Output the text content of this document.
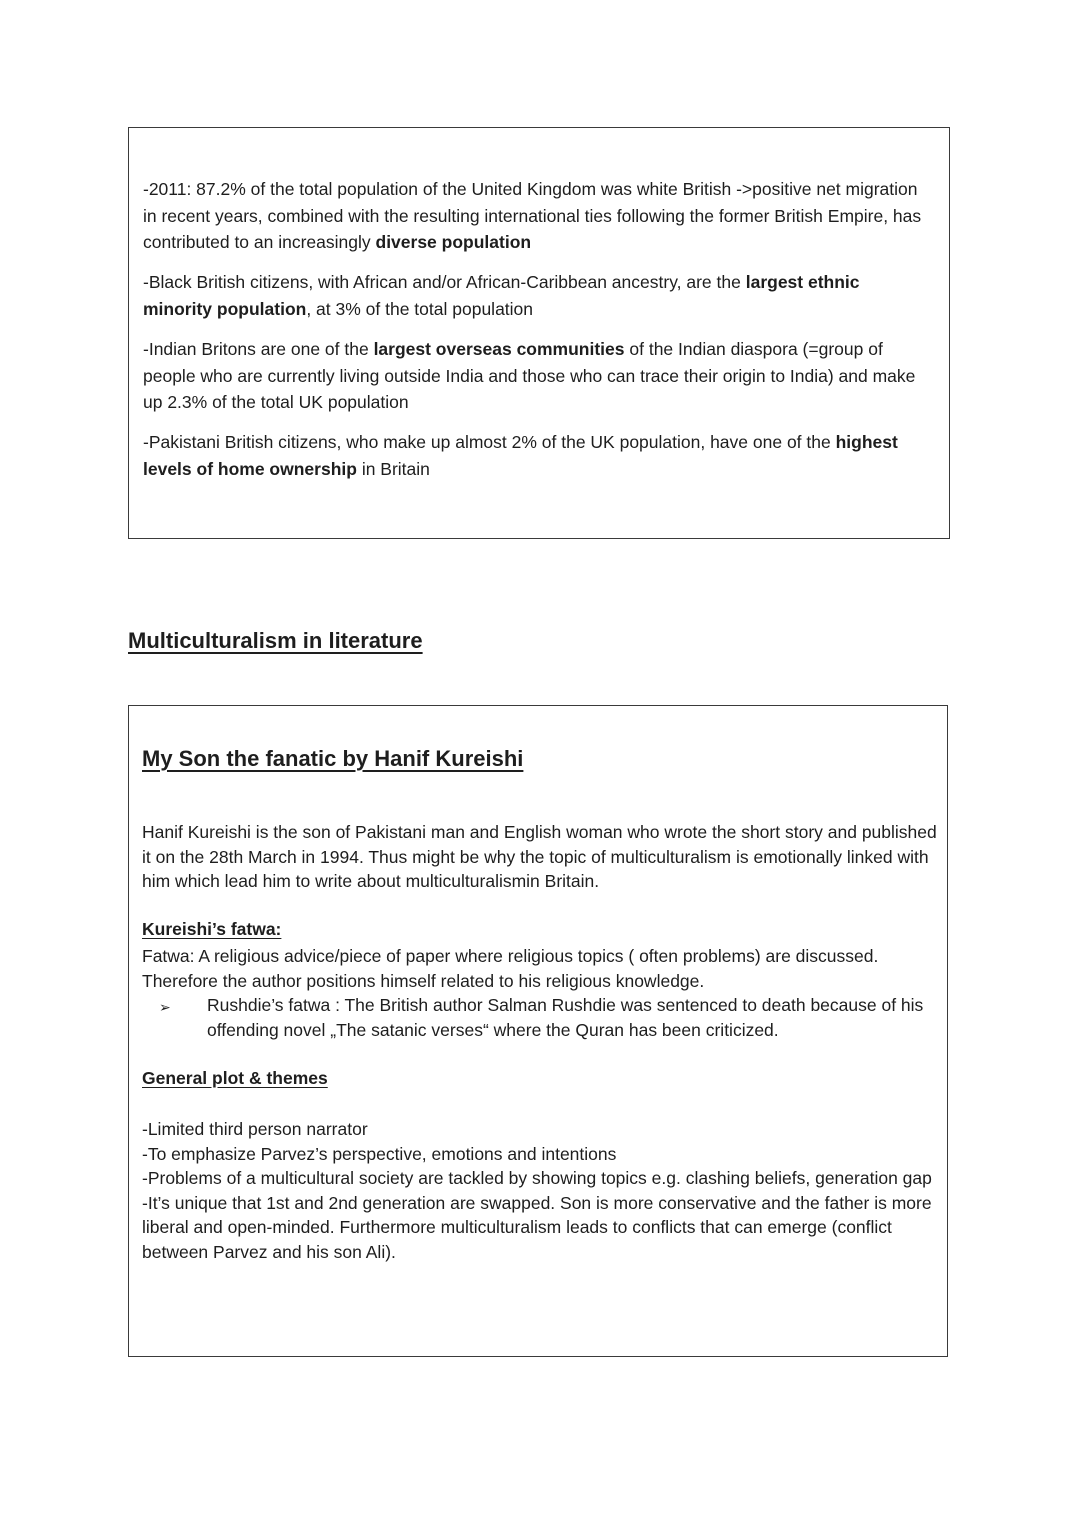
-2011: 87.2% of the total population of the United Kingdom was white British ->positive net migration in recent years, combined with the resulting international ties following the former British Empire, has contributed to an increasingly diverse population

-Black British citizens, with African and/or African-Caribbean ancestry, are the largest ethnic minority population, at 3% of the total population

-Indian Britons are one of the largest overseas communities of the Indian diaspora (=group of people who are currently living outside India and those who can trace their origin to India) and make up 2.3% of the total UK population

-Pakistani British citizens, who make up almost 2% of the UK population, have one of the highest levels of home ownership in Britain

Multiculturalism in literature
My Son the fanatic by Hanif Kureishi

Hanif Kureishi is the son of Pakistani man and English woman who wrote the short story and published it on the 28th March in 1994. Thus might be why the topic of multiculturalism is emotionally linked with him which lead him to write about multiculturalismin Britain.

Kureishi’s fatwa:

Fatwa: A religious advice/piece of paper where religious topics ( often problems) are discussed. Therefore the author positions himself related to his religious knowledge.

➢	Rushdie’s fatwa : The British author Salman Rushdie was sentenced to death because of his offending novel „The satanic verses“ where the Quran has been criticized.

General plot & themes

-Limited third person narrator
-To emphasize Parvez’s perspective, emotions and intentions
-Problems of a multicultural society are tackled by showing topics e.g. clashing beliefs, generation gap
-It’s unique that 1st and 2nd generation are swapped. Son is more conservative and the father is more liberal and open-minded. Furthermore multiculturalism leads to conflicts that can emerge (conflict between Parvez and his son Ali).
